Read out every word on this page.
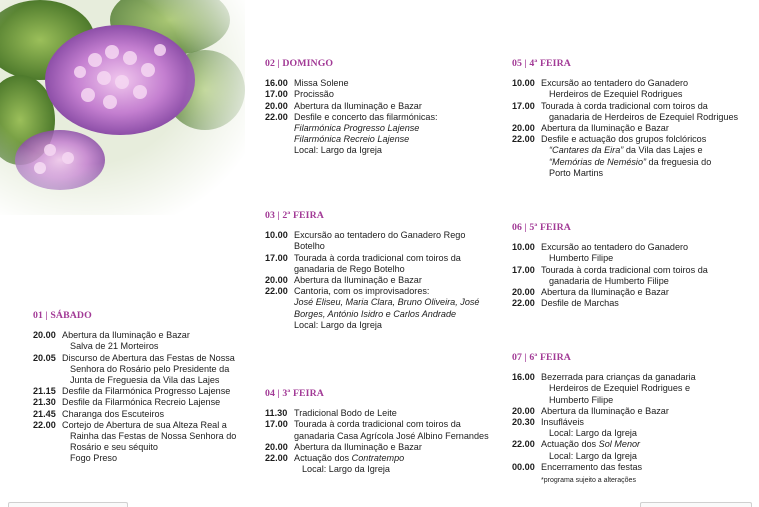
01 | SÁBADO
20.00 Abertura da Iluminação e Bazar
Salva de 21 Morteiros
20.05 Discurso de Abertura das Festas de Nossa
Senhora do Rosário pelo Presidente da
Junta de Freguesia da Vila das Lajes
21.15 Desfile da Filarmónica Progresso Lajense
21.30 Desfile da Filarmónica Recreio Lajense
21.45 Charanga dos Escuteiros
22.00 Cortejo de Abertura de sua Alteza Real a
Rainha das Festas de Nossa Senhora do
Rosário e seu séquito
Fogo Preso
02 | DOMINGO
16.00 Missa Solene
17.00 Procissão
20.00 Abertura da Iluminação e Bazar
22.00 Desfile e concerto das filarmónicas:
Filarmónica Progresso Lajense
Filarmónica Recreio Lajense
Local: Largo da Igreja
03 | 2ª FEIRA
10.00 Excursão ao tentadero do Ganadero Rego
Botelho
17.00 Tourada à corda tradicional com toiros da
ganadaria de Rego Botelho
20.00 Abertura da Iluminação e Bazar
22.00 Cantoria, com os improvisadores:
José Eliseu, Maria Clara, Bruno Oliveira, José
Borges, António Isidro e Carlos Andrade
Local: Largo da Igreja
04 | 3ª FEIRA
11.30 Tradicional Bodo de Leite
17.00 Tourada à corda tradicional com toiros da
ganadaria Casa Agrícola José Albino Fernandes
20.00 Abertura da Iluminação e Bazar
22.00 Actuação dos Contratempo
Local: Largo da Igreja
05 | 4ª FEIRA
10.00 Excursão ao tentadero do Ganadero
Herdeiros de Ezequiel Rodrigues
17.00 Tourada à corda tradicional com toiros da
ganadaria de Herdeiros de Ezequiel Rodrigues
20.00 Abertura da Iluminação e Bazar
22.00 Desfile e actuação dos grupos folclóricos
“Cantares da Eira” da Vila das Lajes e
“Memórias de Nemésio” da freguesia do
Porto Martins
06 | 5ª FEIRA
10.00 Excursão ao tentadero do Ganadero
Humberto Filipe
17.00 Tourada à corda tradicional com toiros da
ganadaria de Humberto Filipe
20.00 Abertura da Iluminação e Bazar
22.00 Desfile de Marchas
07 | 6ª FEIRA
16.00 Bezerrada para crianças da ganadaria
Herdeiros de Ezequiel Rodrigues e
Humberto Filipe
20.00 Abertura da Iluminação e Bazar
20.30 Insufláveis
Local: Largo da Igreja
22.00 Actuação dos Sol Menor
Local: Largo da Igreja
00.00 Encerramento das festas
*programa sujeito a alterações
